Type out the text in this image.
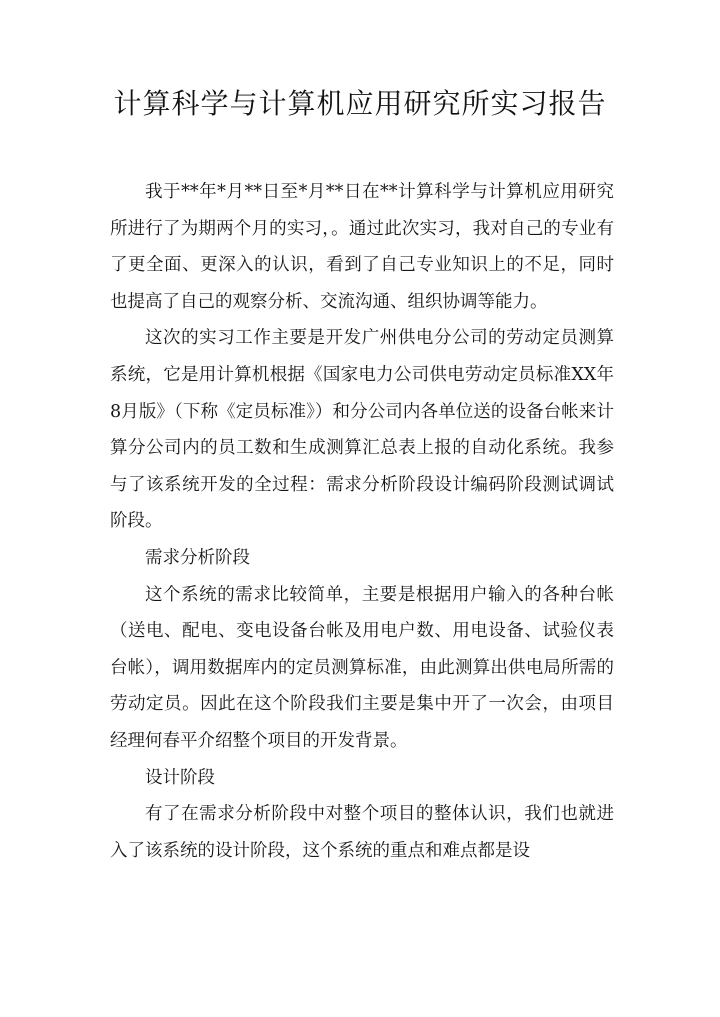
计算科学与计算机应用研究所实习报告

我于**年*月**日至*月**日在**计算科学与计算机应用研究所进行了为期两个月的实习，。通过此次实习，我对自己的专业有了更全面、更深入的认识，看到了自己专业知识上的不足，同时也提高了自己的观察分析、交流沟通、组织协调等能力。

这次的实习工作主要是开发广州供电分公司的劳动定员测算系统，它是用计算机根据《国家电力公司供电劳动定员标准XX年8月版》（下称《定员标准》）和分公司内各单位送的设备台帐来计算分公司内的员工数和生成测算汇总表上报的自动化系统。我参与了该系统开发的全过程：需求分析阶段设计编码阶段测试调试阶段。

需求分析阶段

这个系统的需求比较简单，主要是根据用户输入的各种台帐（送电、配电、变电设备台帐及用电户数、用电设备、试验仪表台帐），调用数据库内的定员测算标准，由此测算出供电局所需的劳动定员。因此在这个阶段我们主要是集中开了一次会，由项目经理何春平介绍整个项目的开发背景。

设计阶段

有了在需求分析阶段中对整个项目的整体认识，我们也就进入了该系统的设计阶段，这个系统的重点和难点都是设
